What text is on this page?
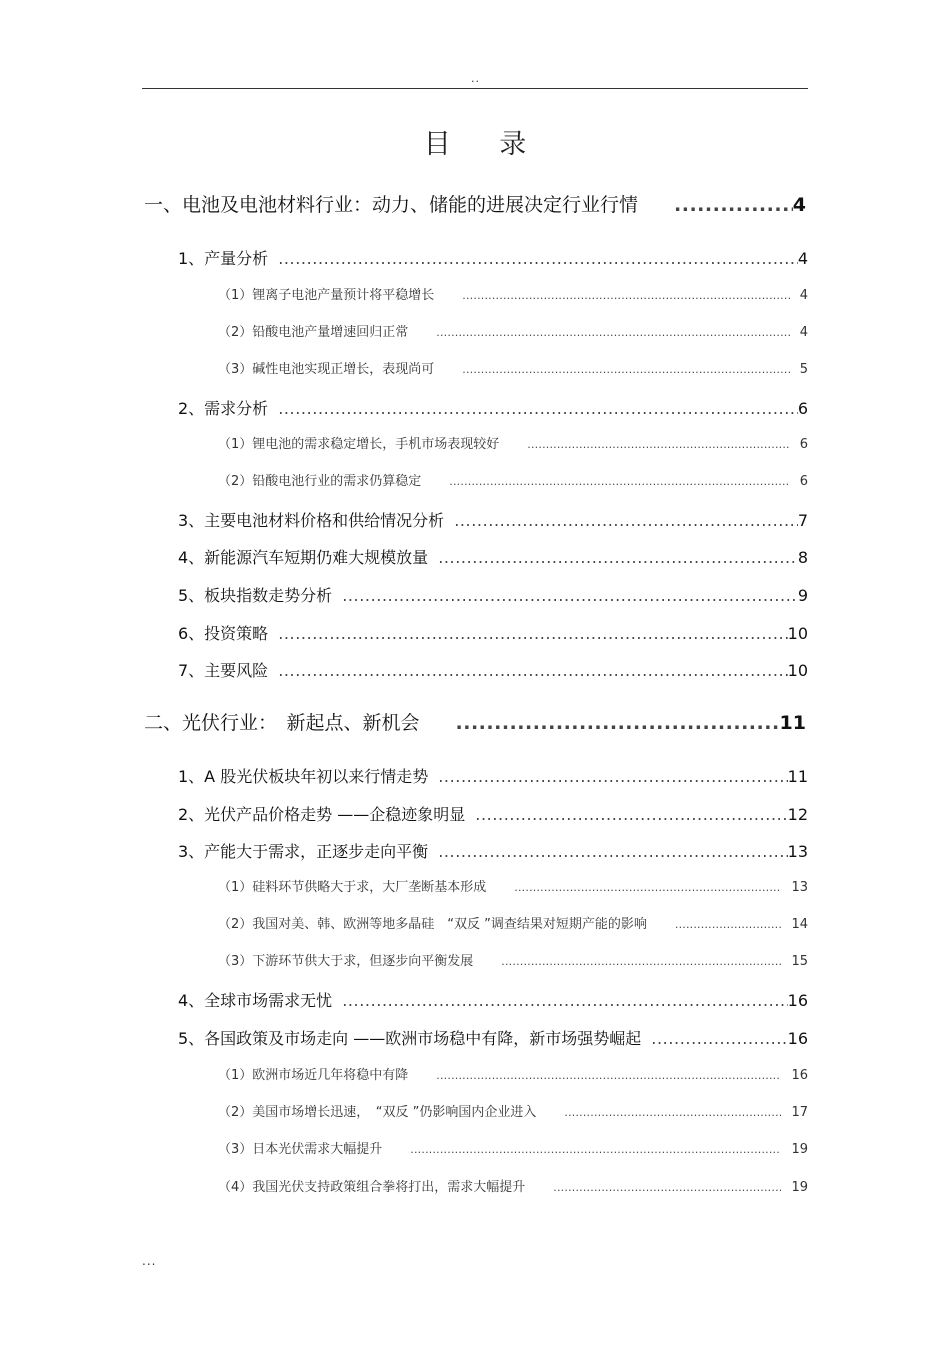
..
目 录
一、电池及电池材料行业：动力、储能的进展决定行业行情 .....	4
1、产量分析 .....	4
（1）锂离子电池产量预计将平稳增长 .....	4
（2）铅酸电池产量增速回归正常 .....	4
（3）碱性电池实现正增长，表现尚可 .....	5
2、需求分析 .....	6
（1）锂电池的需求稳定增长，手机市场表现较好 .....	6
（2）铅酸电池行业的需求仍算稳定 .....	6
3、主要电池材料价格和供给情况分析 .....	7
4、新能源汽车短期仍难大规模放量 .....	8
5、板块指数走势分析 .....	9
6、投资策略 .....	10
7、主要风险 .....	10
二、光伏行业：　新起点、新机会 .....	11
1、A 股光伏板块年初以来行情走势 .....	11
2、光伏产品价格走势 ——企稳迹象明显 .....	12
3、产能大于需求，正逐步走向平衡 .....	13
（1）硅料环节供略大于求，大厂垄断基本形成 .....	13
（2）我国对美、韩、欧洲等地多晶硅　“双反 ”调查结果对短期产能的影响 .....	14
（3）下游环节供大于求，但逐步向平衡发展 .....	15
4、全球市场需求无忧 .....	16
5、各国政策及市场走向 ——欧洲市场稳中有降，新市场强势崛起 .....	16
（1）欧洲市场近几年将稳中有降 .....	16
（2）美国市场增长迅速，　“双反 ”仍影响国内企业进入 .....	17
（3）日本光伏需求大幅提升 .....	19
（4）我国光伏支持政策组合拳将打出，需求大幅提升 .....	19
...
